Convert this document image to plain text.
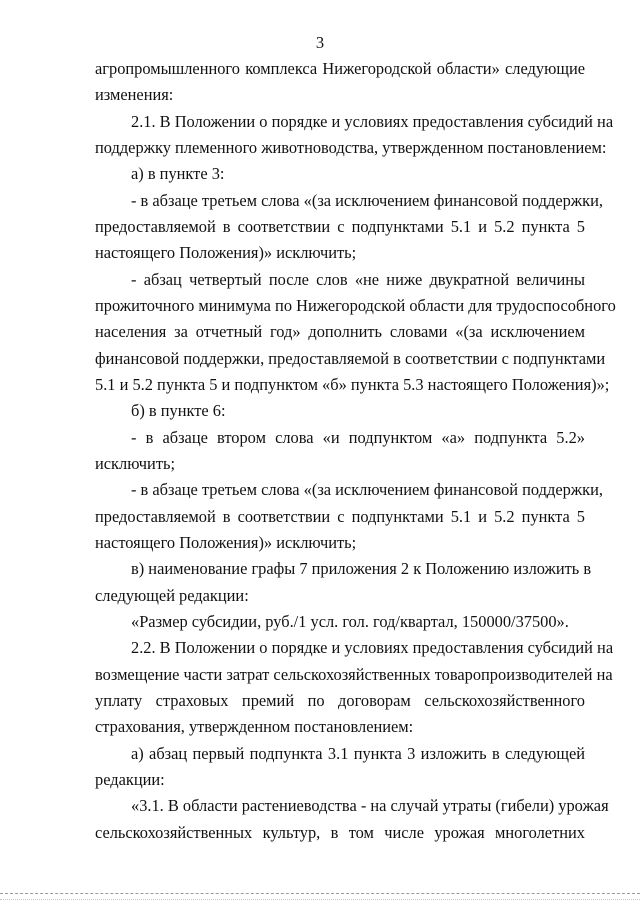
3
агропромышленного комплекса Нижегородской области» следующие
изменения:
2.1. В Положении о порядке и условиях предоставления субсидий на
поддержку племенного животноводства, утвержденном постановлением:
а) в пункте 3:
- в абзаце третьем слова «(за исключением финансовой поддержки,
предоставляемой в соответствии с подпунктами 5.1 и 5.2 пункта 5
настоящего Положения)» исключить;
- абзац четвертый после слов «не ниже двукратной величины
прожиточного минимума по Нижегородской области для трудоспособного
населения за отчетный год» дополнить словами «(за исключением
финансовой поддержки, предоставляемой в соответствии с подпунктами
5.1 и 5.2 пункта 5 и подпунктом «б» пункта 5.3 настоящего Положения)»;
б) в пункте 6:
- в абзаце втором слова «и подпунктом «а» подпункта 5.2»
исключить;
- в абзаце третьем слова «(за исключением финансовой поддержки,
предоставляемой в соответствии с подпунктами 5.1 и 5.2 пункта 5
настоящего Положения)» исключить;
в) наименование графы 7 приложения 2 к Положению изложить в
следующей редакции:
«Размер субсидии, руб./1 усл. гол. год/квартал, 150000/37500».
2.2. В Положении о порядке и условиях предоставления субсидий на
возмещение части затрат сельскохозяйственных товаропроизводителей на
уплату страховых премий по договорам сельскохозяйственного
страхования, утвержденном постановлением:
а) абзац первый подпункта 3.1 пункта 3 изложить в следующей
редакции:
«3.1. В области растениеводства - на случай утраты (гибели) урожая
сельскохозяйственных культур, в том числе урожая многолетних
